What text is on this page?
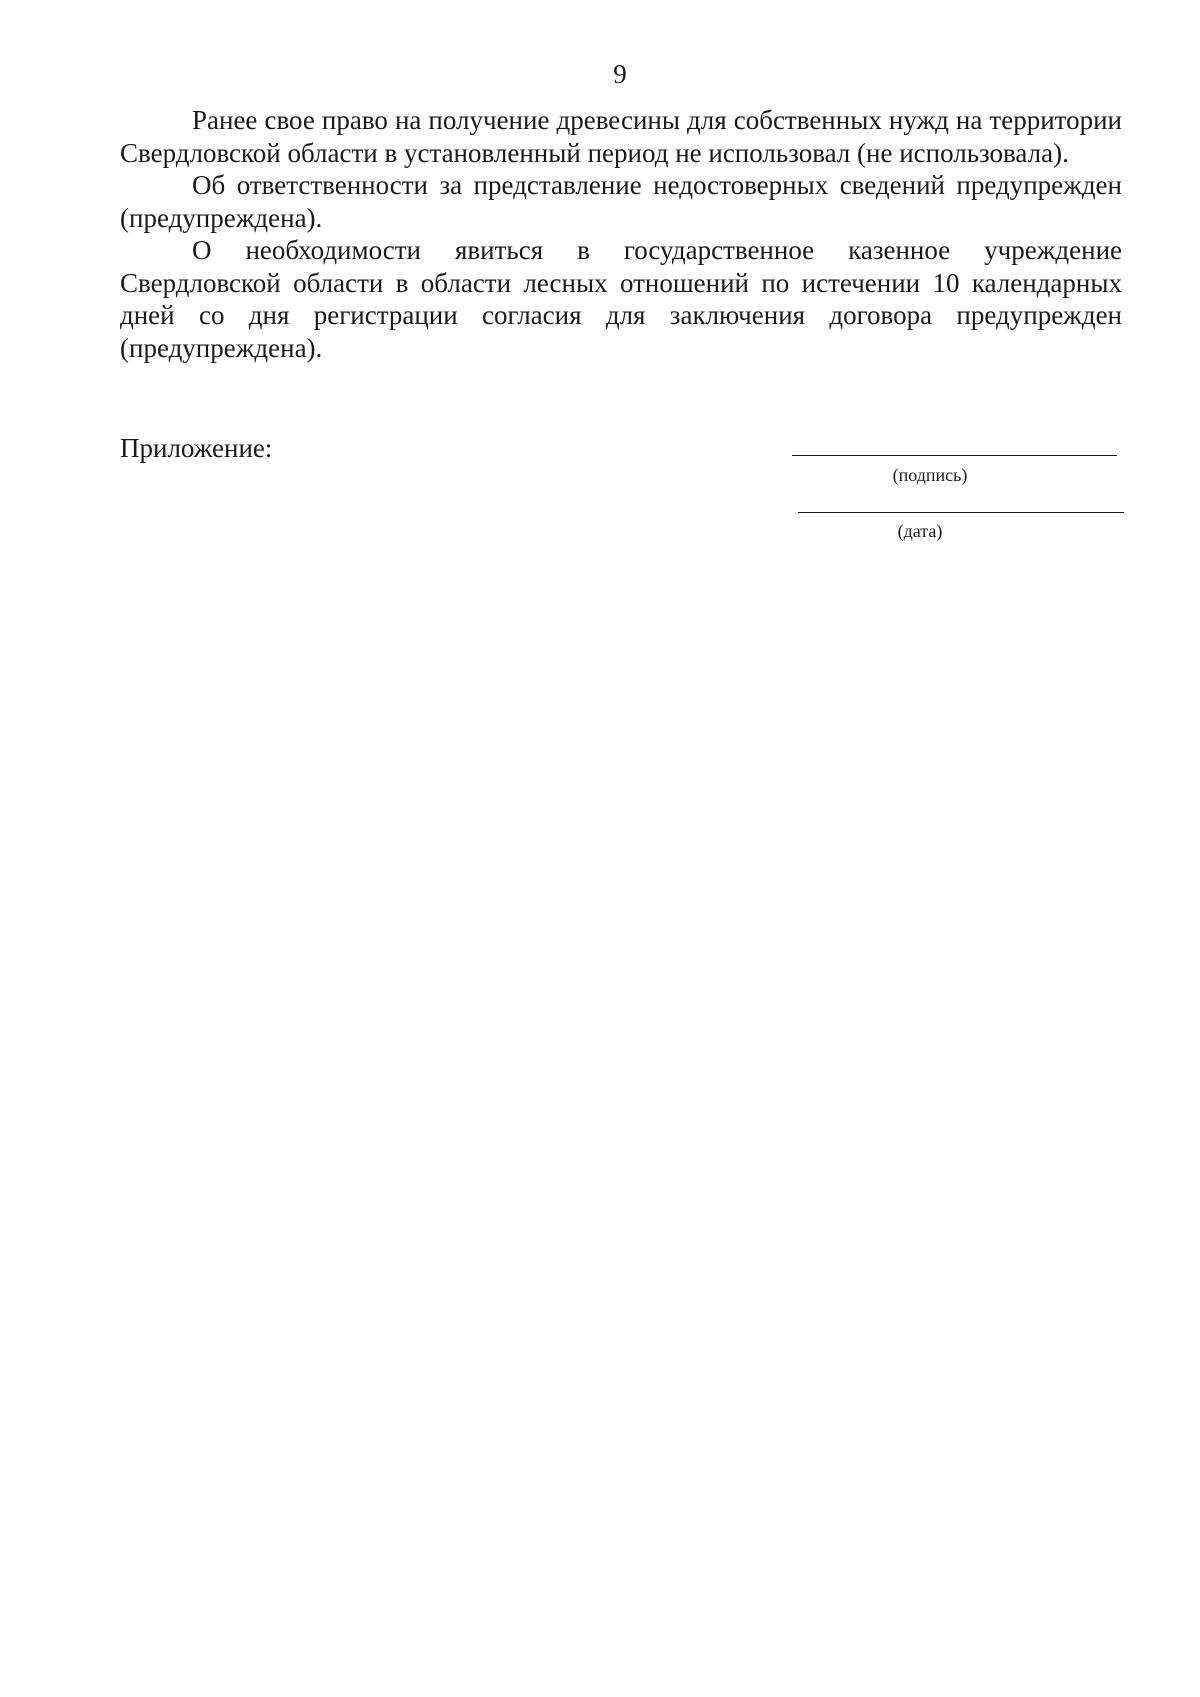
9

Ранее свое право на получение древесины для собственных нужд на территории Свердловской области в установленный период не использовал (не использовала).

Об ответственности за представление недостоверных сведений предупрежден (предупреждена).

О необходимости явиться в государственное казенное учреждение Свердловской области в области лесных отношений по истечении 10 календарных дней со дня регистрации согласия для заключения договора предупрежден (предупреждена).

Приложение:
(подпись)
(дата)
